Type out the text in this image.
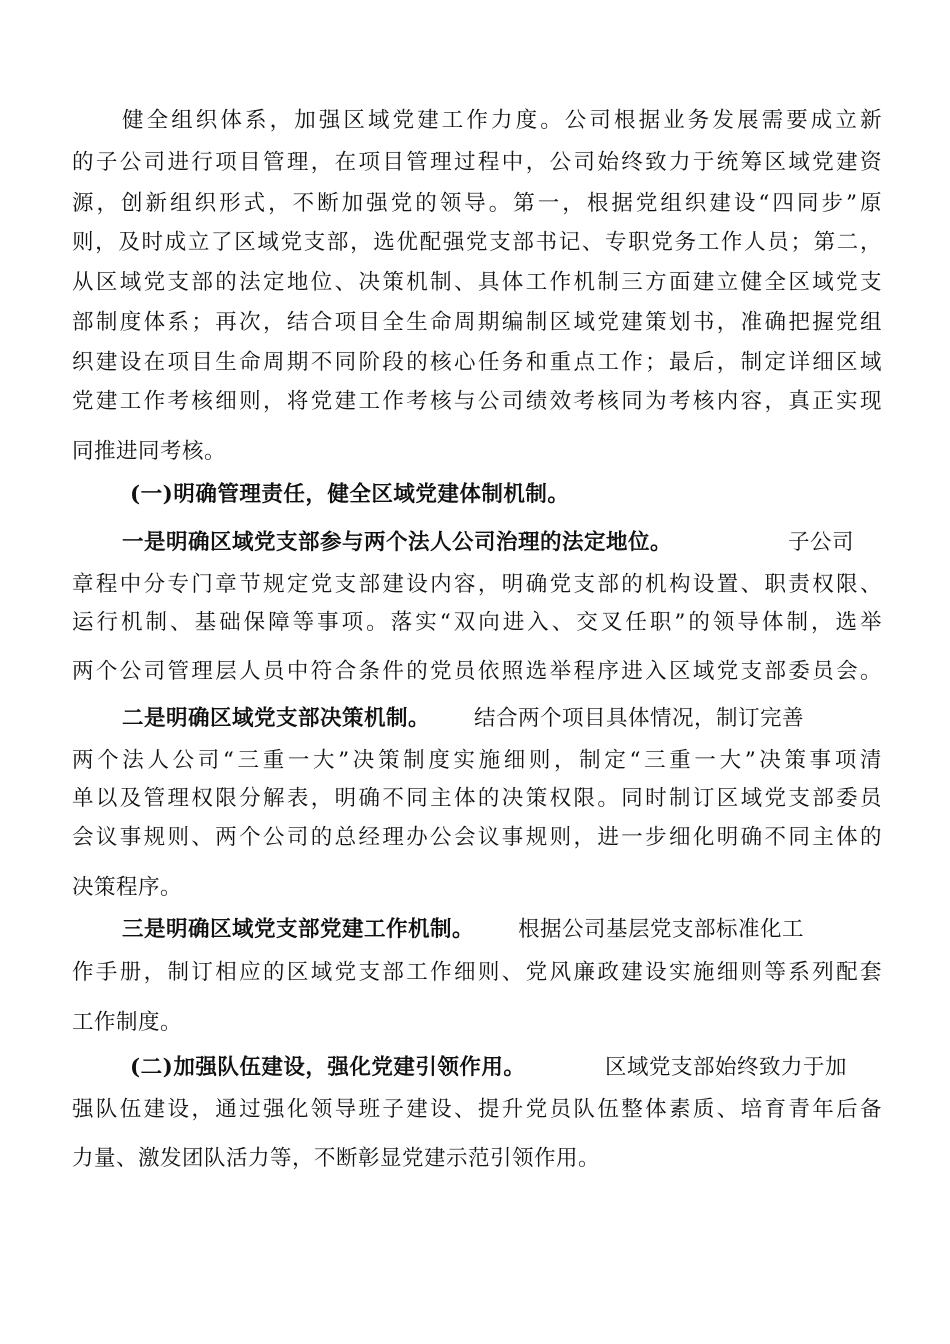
健全组织体系，加强区域党建工作力度。公司根据业务发展需要成立新
的子公司进行项目管理，在项目管理过程中，公司始终致力于统筹区域党建资
源，创新组织形式，不断加强党的领导。第一，根据党组织建设“四同步”原
则，及时成立了区域党支部，选优配强党支部书记、专职党务工作人员；第二，
从区域党支部的法定地位、决策机制、具体工作机制三方面建立健全区域党支
部制度体系；再次，结合项目全生命周期编制区域党建策划书，准确把握党组
织建设在项目生命周期不同阶段的核心任务和重点工作；最后，制定详细区域
党建工作考核细则，将党建工作考核与公司绩效考核同为考核内容，真正实现
同推进同考核。
(一)明确管理责任，健全区域党建体制机制。
一是明确区域党支部参与两个法人公司治理的法定地位。	子公司
章程中分专门章节规定党支部建设内容，明确党支部的机构设置、职责权限、
运行机制、基础保障等事项。落实“双向进入、交叉任职”的领导体制，选举
两个公司管理层人员中符合条件的党员依照选举程序进入区域党支部委员会。
二是明确区域党支部决策机制。	结合两个项目具体情况，制订完善
两个法人公司“三重一大”决策制度实施细则，制定“三重一大”决策事项清
单以及管理权限分解表，明确不同主体的决策权限。同时制订区域党支部委员
会议事规则、两个公司的总经理办公会议事规则，进一步细化明确不同主体的
决策程序。
三是明确区域党支部党建工作机制。	根据公司基层党支部标准化工
作手册，制订相应的区域党支部工作细则、党风廉政建设实施细则等系列配套
工作制度。
(二)加强队伍建设，强化党建引领作用。	区域党支部始终致力于加
强队伍建设，通过强化领导班子建设、提升党员队伍整体素质、培育青年后备
力量、激发团队活力等，不断彰显党建示范引领作用。
